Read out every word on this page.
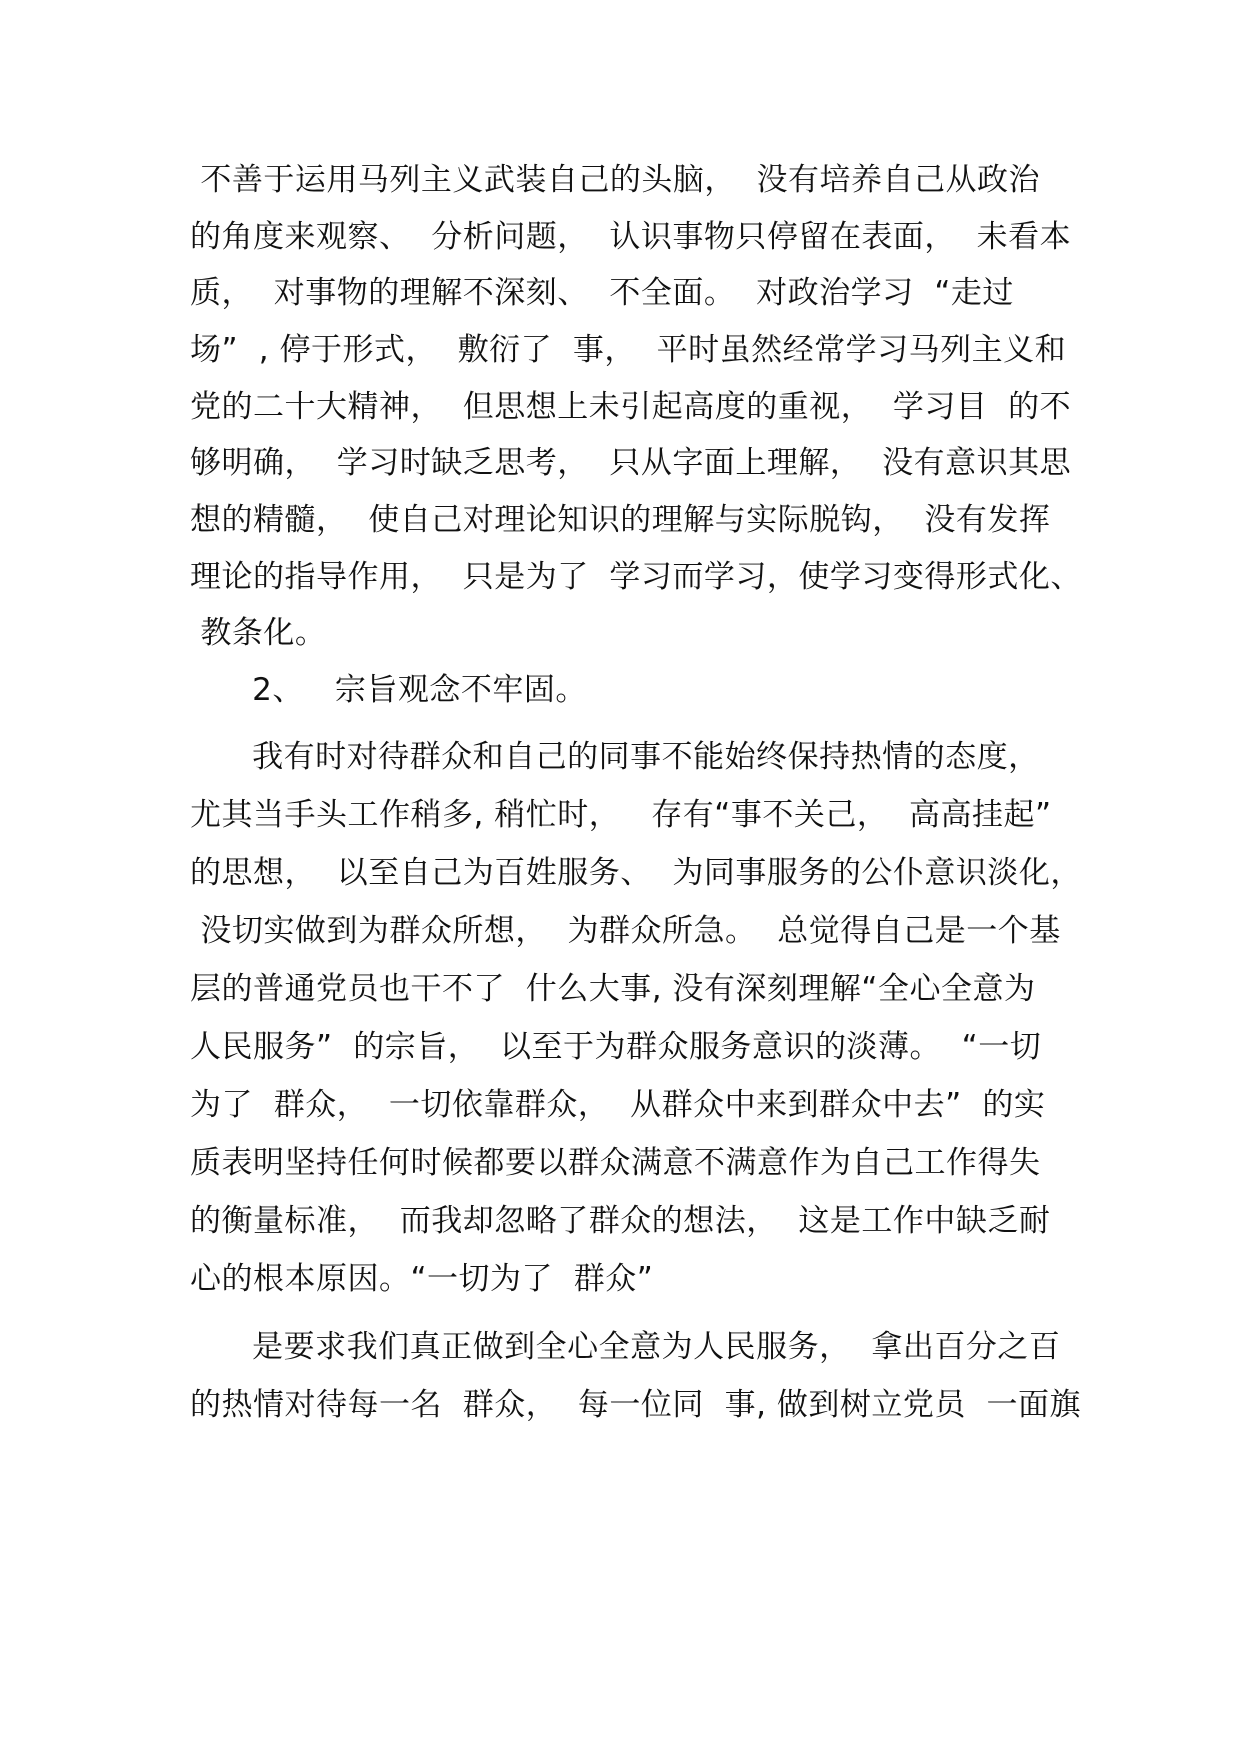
不善于运用马列主义武装自己的头脑，  没有培养自己从政治
的角度来观察、  分析问题，  认识事物只停留在表面，  未看本
质，  对事物的理解不深刻、  不全面。  对政治学习  “走过
场”  , 停于形式，  敷衍了  事，  平时虽然经常学习马列主义和
党的二十大精神，  但思想上未引起高度的重视，  学习目  的不
够明确，  学习时缺乏思考，  只从字面上理解，  没有意识其思
想的精髓，  使自己对理论知识的理解与实际脱钩，  没有发挥
理论的指导作用，  只是为了  学习而学习，使学习变得形式化、
教条化。
2、   宗旨观念不牢固。
我有时对待群众和自己的同事不能始终保持热情的态度，
尤其当手头工作稍多, 稍忙时，   存有“事不关己，  高高挂起”
的思想，  以至自己为百姓服务、  为同事服务的公仆意识淡化，
没切实做到为群众所想，  为群众所急。  总觉得自己是一个基
层的普通党员也干不了  什么大事, 没有深刻理解“全心全意为
人民服务”  的宗旨，  以至于为群众服务意识的淡薄。  “一切
为了  群众，  一切依靠群众，  从群众中来到群众中去”  的实
质表明坚持任何时候都要以群众满意不满意作为自己工作得失
的衡量标准，  而我却忽略了群众的想法，  这是工作中缺乏耐
心的根本原因。“一切为了  群众”
是要求我们真正做到全心全意为人民服务，  拿出百分之百
的热情对待每一名  群众，  每一位同  事, 做到树立党员  一面旗
